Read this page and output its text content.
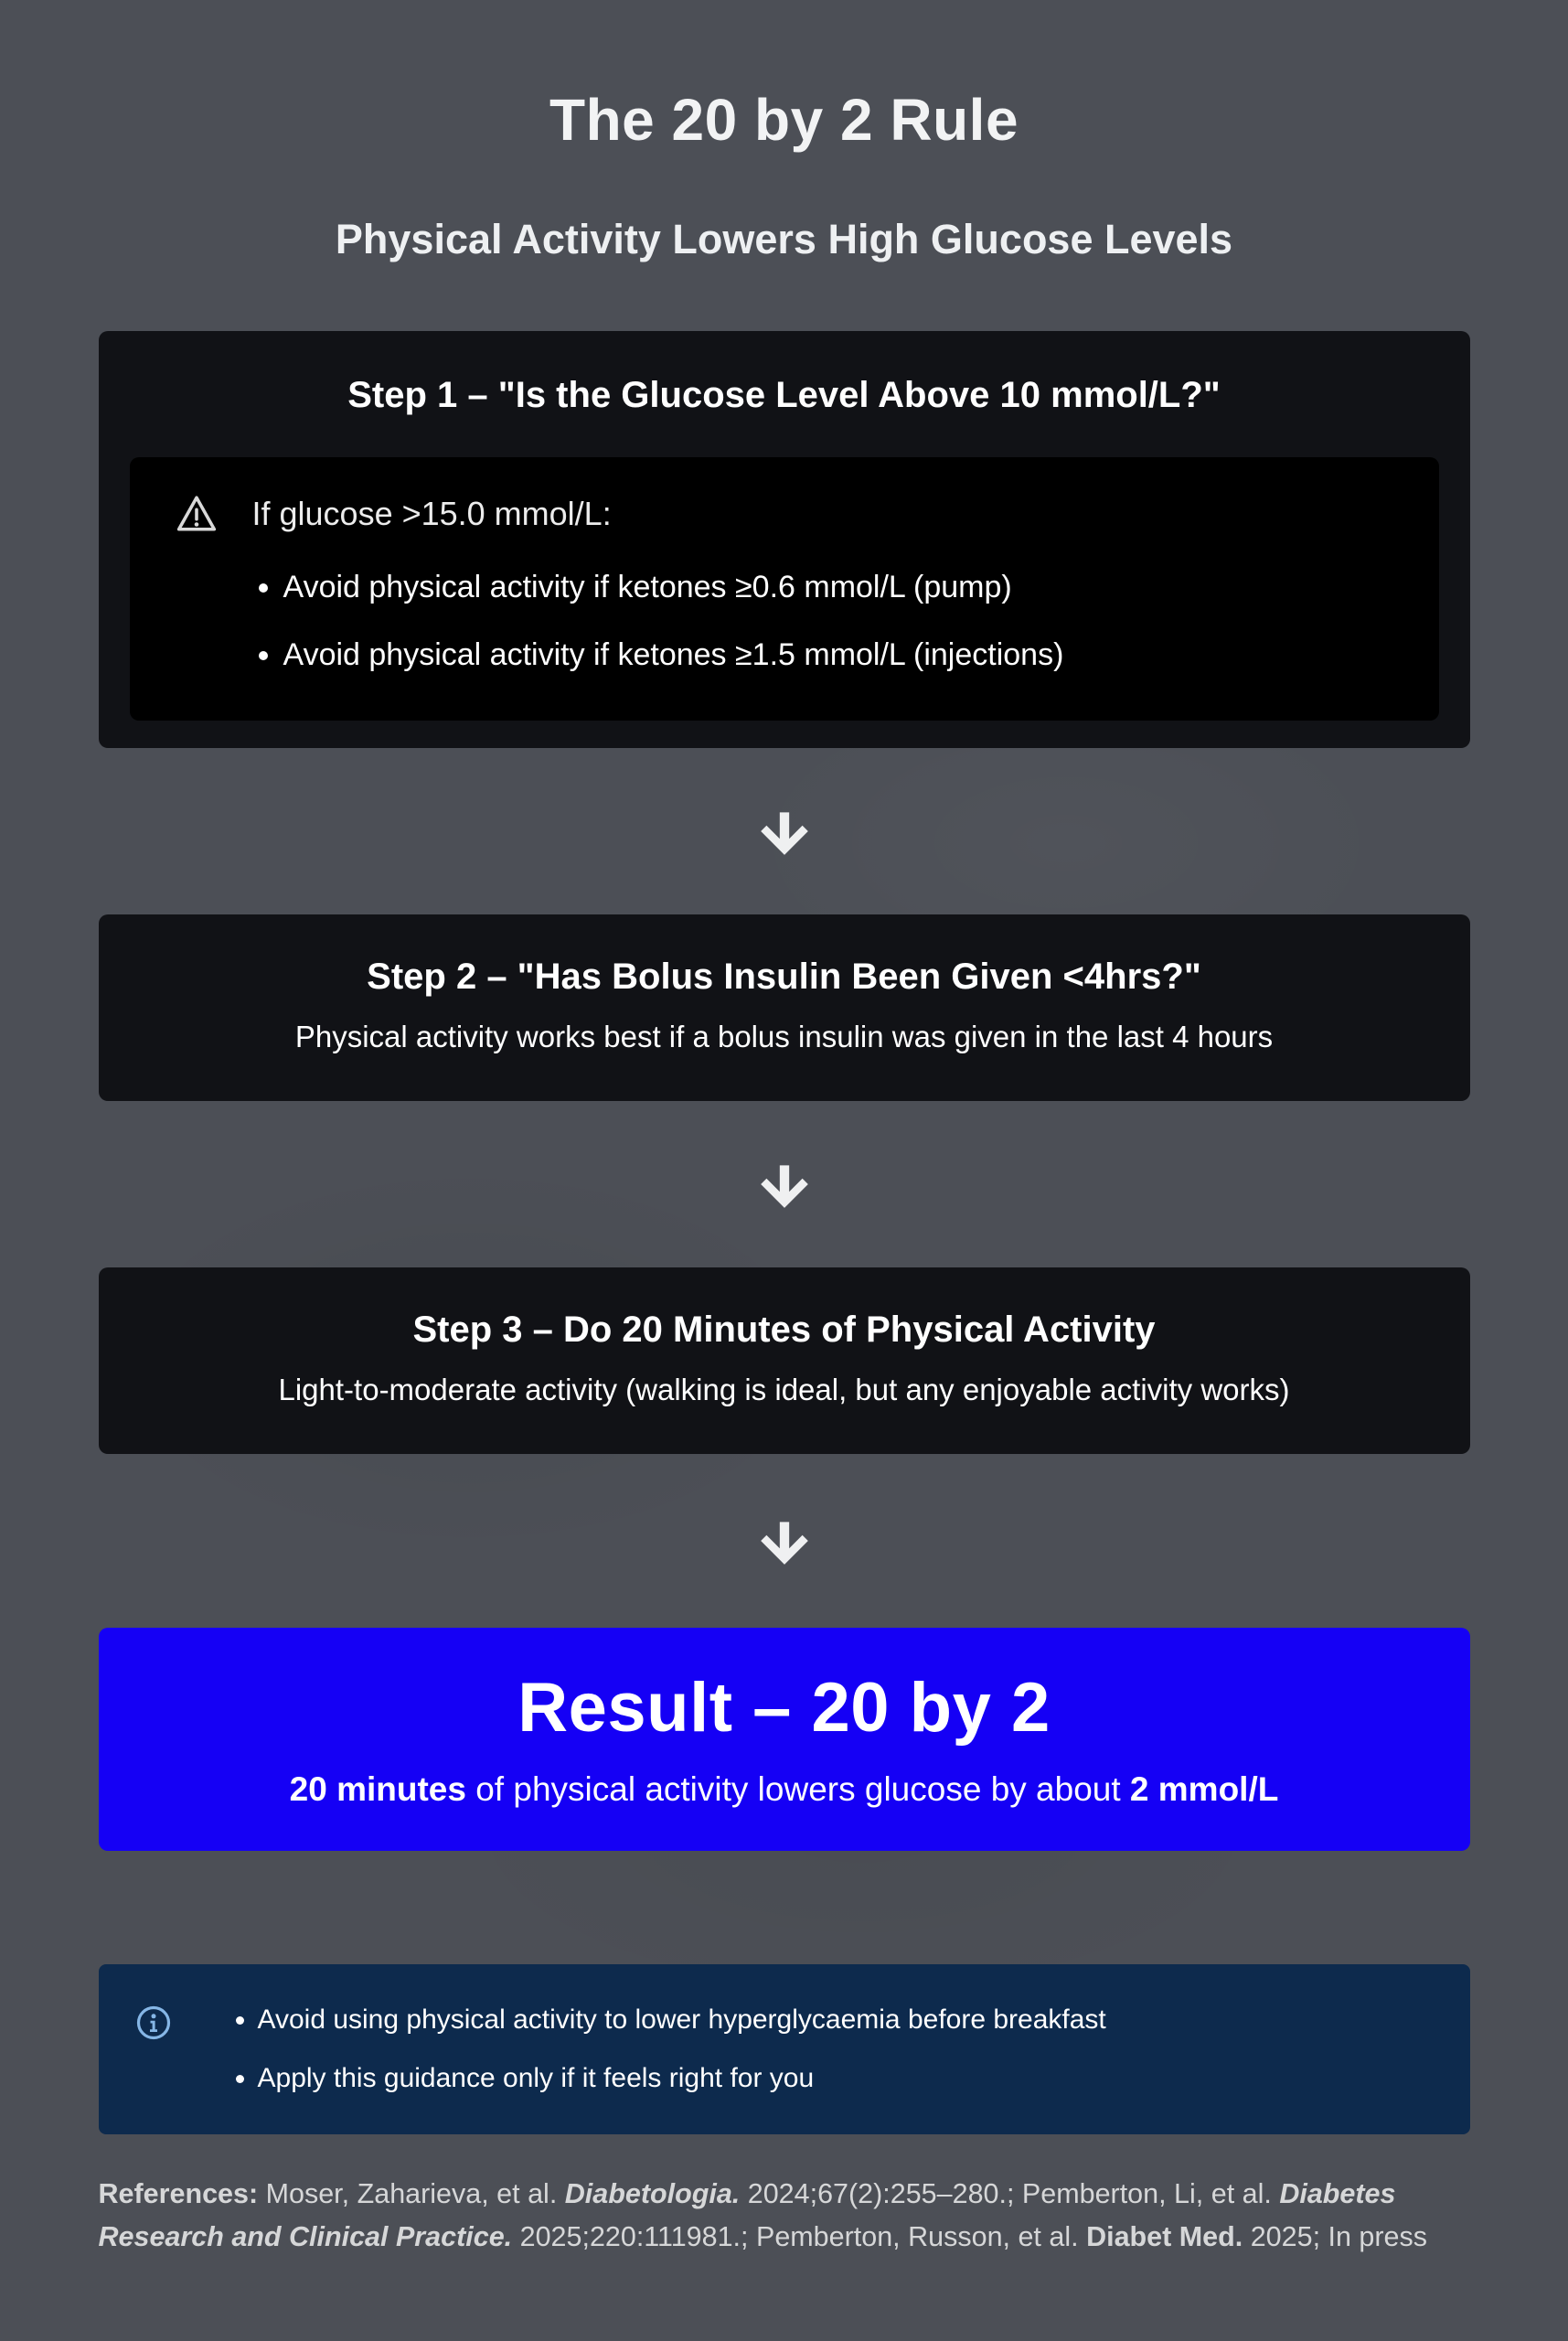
The 20 by 2 Rule
Physical Activity Lowers High Glucose Levels
Step 1 – "Is the Glucose Level Above 10 mmol/L?"
If glucose >15.0 mmol/L:
• Avoid physical activity if ketones ≥0.6 mmol/L (pump)
• Avoid physical activity if ketones ≥1.5 mmol/L (injections)
Step 2 – "Has Bolus Insulin Been Given <4hrs?"

Physical activity works best if a bolus insulin was given in the last 4 hours

Step 3 – Do 20 Minutes of Physical Activity

Light-to-moderate activity (walking is ideal, but any enjoyable activity works)

Result – 20 by 2

20 minutes of physical activity lowers glucose by about 2 mmol/L

• Avoid using physical activity to lower hyperglycaemia before breakfast
• Apply this guidance only if it feels right for you

References: Moser, Zaharieva, et al. Diabetologia. 2024;67(2):255–280.; Pemberton, Li, et al. Diabetes Research and Clinical Practice. 2025;220:111981.; Pemberton, Russon, et al. Diabet Med. 2025; In press
